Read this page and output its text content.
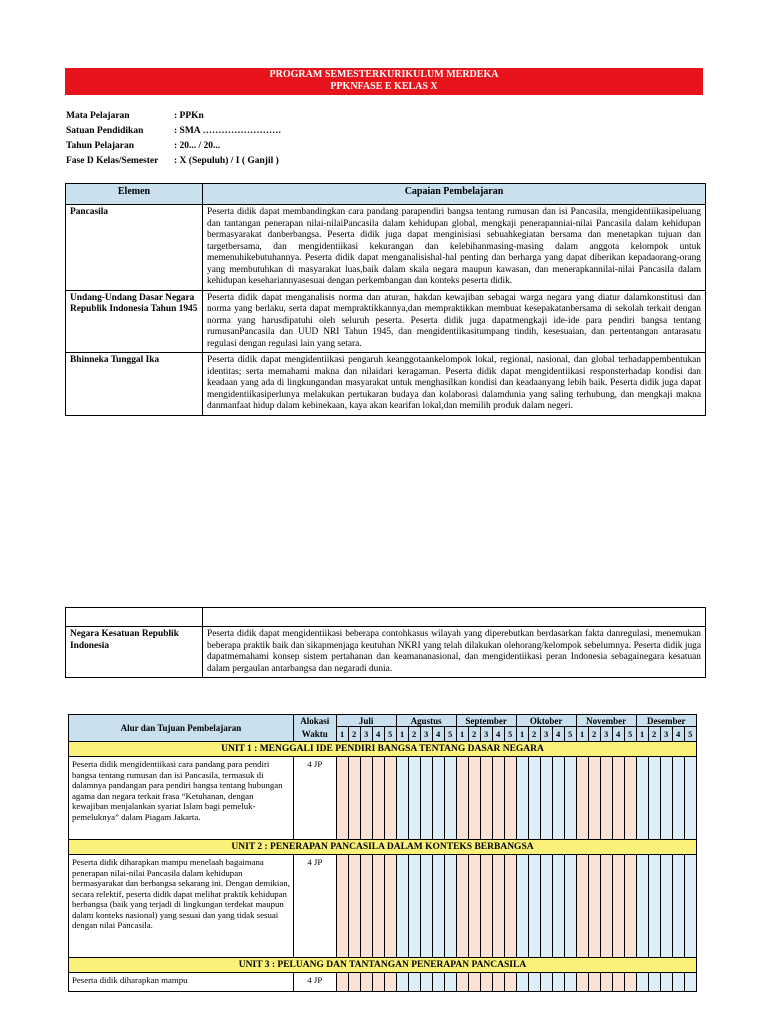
PROGRAM SEMESTERKURIKULUM MERDEKA
PPKNFASE E KELAS X
Mata Pelajaran	: PPKn
Satuan Pendidikan	: SMA …………………….
Tahun Pelajaran	: 20... / 20...
Fase D Kelas/Semester	: X (Sepuluh) / I ( Ganjil )
Elemen	Capaian Pembelajaran
Pancasila	Peserta didik dapat membandingkan cara pandang parapendiri bangsa tentang rumusan dan isi Pancasila, mengidentiikasipeluang dan tantangan penerapan nilai-nilaiPancasila dalam kehidupan global, mengkaji penerapanniai-nilai Pancasila dalam kehidupan bermasyarakat danberbangsa. Peserta didik juga dapat menginisiasi sebuahkegiatan bersama dan menetapkan tujuan dan targetbersama, dan mengidentiikasi kekurangan dan kelebihanmasing-masing dalam anggota kelompok untuk memenuhikebutuhannya. Peserta didik dapat menganalisishal-hal penting dan berharga yang dapat diberikan kepadaorang-orang yang membutuhkan di masyarakat luas,baik dalam skala negara maupun kawasan, dan menerapkannilai-nilai Pancasila dalam kehidupan kesehariannyasesuai dengan perkembangan dan konteks peserta didik.
Undang-Undang Dasar Negara Republik Indonesia Tahun 1945	Peserta didik dapat menganalisis norma dan aturan, hakdan kewajiban sebagai warga negara yang diatur dalamkonstitusi dan norma yang berlaku, serta dapat mempraktikkannya,dan mempraktikkan membuat kesepakatanbersama di sekolah terkait dengan norma yang harusdipatuhi oleh seluruh peserta. Peserta didik juga dapatmengkaji ide-ide para pendiri bangsa tentang rumusanPancasila dan UUD NRI Tahun 1945, dan mengidentiikasitumpang tindih, kesesuaian, dan pertentangan antarasatu regulasi dengan regulasi lain yang setara.
Bhinneka Tunggal Ika	Peserta didik dapat mengidentiikasi pengaruh keanggotaankelompok lokal, regional, nasional, dan global terhadappembentukan identitas; serta memahami makna dan nilaidari keragaman. Peserta didik dapat mengidentiikasi responsterhadap kondisi dan keadaan yang ada di lingkungandan masyarakat untuk menghasilkan kondisi dan keadaanyang lebih baik. Peserta didik juga dapat mengidentiikasiperlunya melakukan pertukaran budaya dan kolaborasi dalamdunia yang saling terhubung, dan mengkaji makna danmanfaat hidup dalam kebinekaan, kaya akan kearifan lokal,dan memilih produk dalam negeri.

Negara Kesatuan Republik Indonesia	Peserta didik dapat mengidentiikasi beberapa contohkasus wilayah yang diperebutkan berdasarkan fakta danregulasi, menemukan beberapa praktik baik dan sikapmenjaga keutuhan NKRI yang telah dilakukan olehorang/kelompok sebelumnya. Peserta didik juga dapatmemahami konsep sistem pertahanan dan keamananasional, dan mengidentiikasi peran Indonesia sebagainegara kesatuan dalam pergaulan antarbangsa dan negaradi dunia.
Alur dan Tujuan Pembelajaran	Alokasi Waktu	Juli					Agustus					September					Oktober					November					Desember				
		1	2	3	4	5	1	2	3	4	5	1	2	3	4	5	1	2	3	4	5	1	2	3	4	5	1	2	3	4	5
UNIT 1 : MENGGALI IDE PENDIRI BANGSA TENTANG DASAR NEGARA																															
Peserta didik mengidentiikasi cara pandang para pendiri bangsa tentang rumusan dan isi Pancasila, termasuk di dalamnya pandangan para pendiri bangsa tentang hubungan agama dan negara terkait frasa “Ketuhanan, dengan kewajiban menjalankan syariat Islam bagi pemeluk-pemeluknya” dalam Piagam Jakarta.	4 JP																														
UNIT 2 : PENERAPAN PANCASILA DALAM KONTEKS BERBANGSA																															
Peserta didik diharapkan mampu menelaah bagaimana penerapan nilai-nilai Pancasila dalam kehidupan bermasyarakat dan berbangsa sekarang ini. Dengan demikian, secara relektif, peserta didik dapat melihat praktik kehidupan berbangsa (baik yang terjadi di lingkungan terdekat maupun dalam konteks nasional) yang sesuai dan yang tidak sesuai dengan nilai Pancasila.	4 JP																														
UNIT 3 : PELUANG DAN TANTANGAN PENERAPAN PANCASILA																															
Peserta didik diharapkan mampu	4 JP																														
